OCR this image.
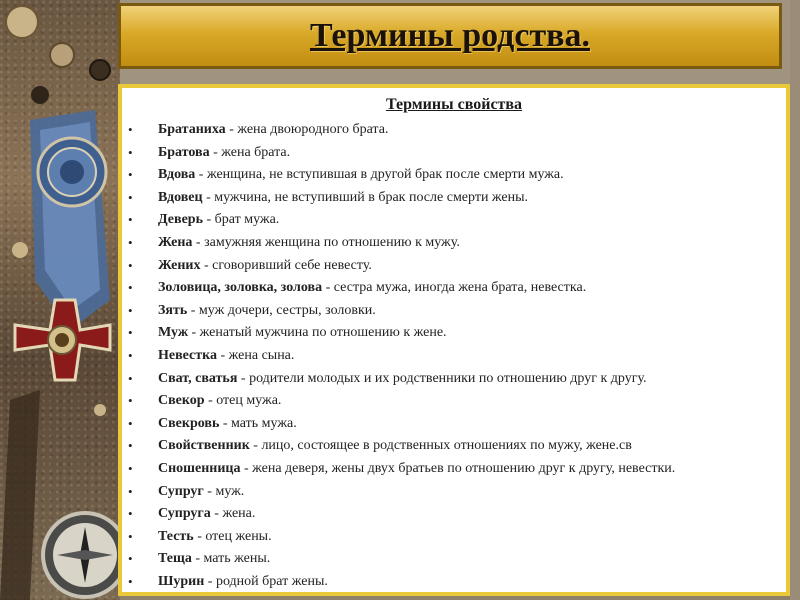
Термины родства.
Термины свойства
• Братаниха - жена двоюродного брата.
• Братова - жена брата.
• Вдова - женщина, не вступившая в другой брак после смерти мужа.
• Вдовец - мужчина, не вступивший в брак после смерти жены.
• Деверь - брат мужа.
• Жена - замужняя женщина по отношению к мужу.
• Жених - сговоривший себе невесту.
• Золовица, золовка, золова - сестра мужа, иногда жена брата, невестка.
• Зять - муж дочери, сестры, золовки.
• Муж - женатый мужчина по отношению к жене.
• Невестка - жена сына.
• Сват, сватья - родители молодых и их родственники по отношению друг к другу.
• Свекор - отец мужа.
• Свекровь - мать мужа.
• Свойственник - лицо, состоящее в родственных отношениях по мужу, жене.св
• Сношенница - жена деверя, жены двух братьев по отношению друг к другу, невестки.
• Супруг - муж.
• Супруга - жена.
• Тесть - отец жены.
• Теща - мать жены.
• Шурин - родной брат жены.
